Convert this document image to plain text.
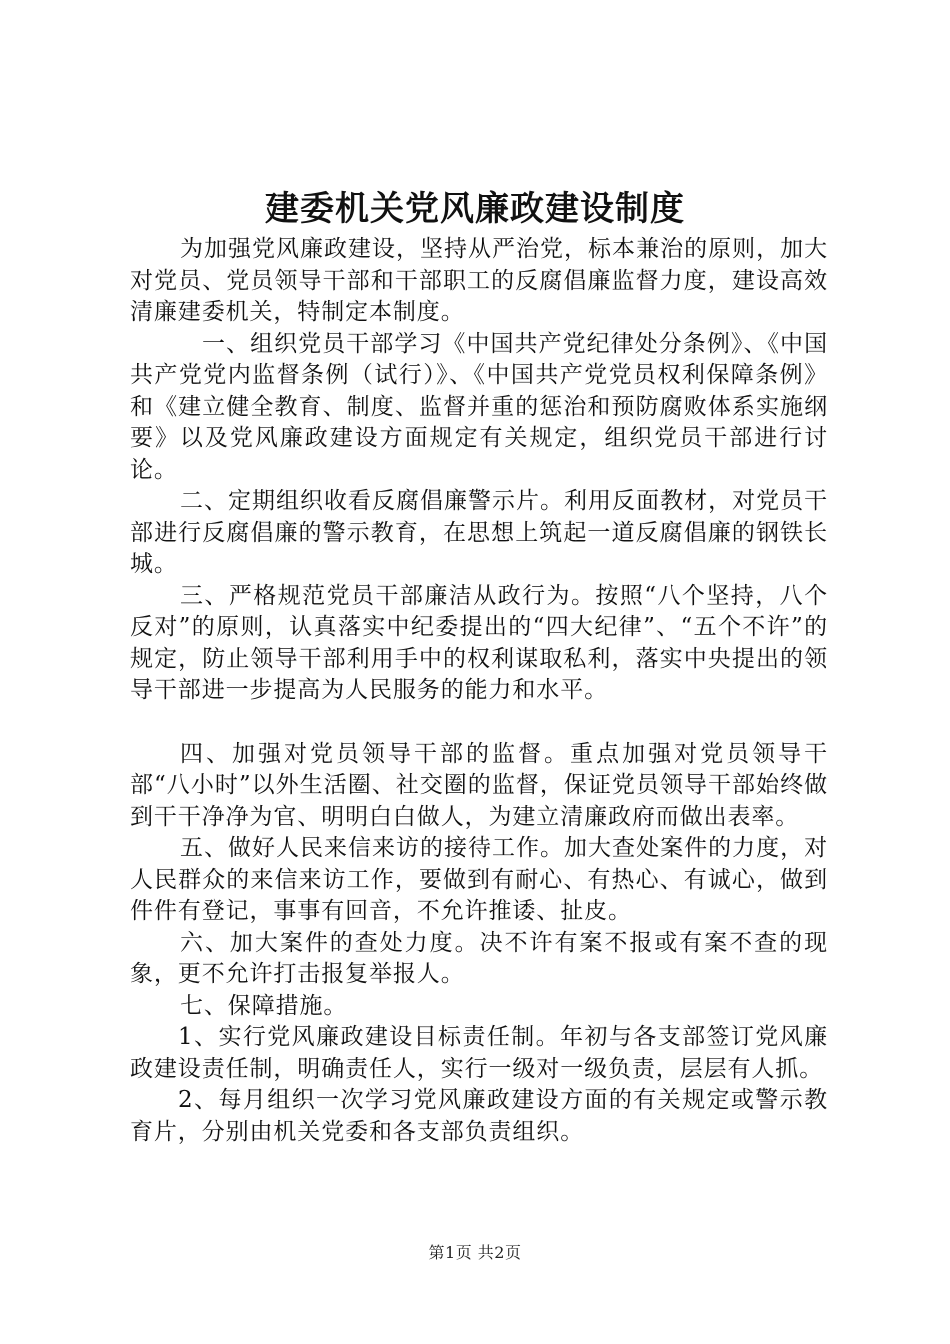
建委机关党风廉政建设制度

为加强党风廉政建设，坚持从严治党，标本兼治的原则，加大对党员、党员领导干部和干部职工的反腐倡廉监督力度，建设高效清廉建委机关，特制定本制度。

一、组织党员干部学习《中国共产党纪律处分条例》、《中国共产党党内监督条例（试行）》、《中国共产党党员权利保障条例》和《建立健全教育、制度、监督并重的惩治和预防腐败体系实施纲要》以及党风廉政建设方面规定有关规定，组织党员干部进行讨论。

二、定期组织收看反腐倡廉警示片。利用反面教材，对党员干部进行反腐倡廉的警示教育，在思想上筑起一道反腐倡廉的钢铁长城。

三、严格规范党员干部廉洁从政行为。按照“八个坚持，八个反对”的原则，认真落实中纪委提出的“四大纪律”、“五个不许”的规定，防止领导干部利用手中的权利谋取私利，落实中央提出的领导干部进一步提高为人民服务的能力和水平。

四、加强对党员领导干部的监督。重点加强对党员领导干部“八小时”以外生活圈、社交圈的监督，保证党员领导干部始终做到干干净净为官、明明白白做人，为建立清廉政府而做出表率。

五、做好人民来信来访的接待工作。加大查处案件的力度，对人民群众的来信来访工作，要做到有耐心、有热心、有诚心，做到件件有登记，事事有回音，不允许推诿、扯皮。

六、加大案件的查处力度。决不许有案不报或有案不查的现象，更不允许打击报复举报人。

七、保障措施。

1、实行党风廉政建设目标责任制。年初与各支部签订党风廉政建设责任制，明确责任人，实行一级对一级负责，层层有人抓。

2、每月组织一次学习党风廉政建设方面的有关规定或警示教育片，分别由机关党委和各支部负责组织。

第1页 共2页
